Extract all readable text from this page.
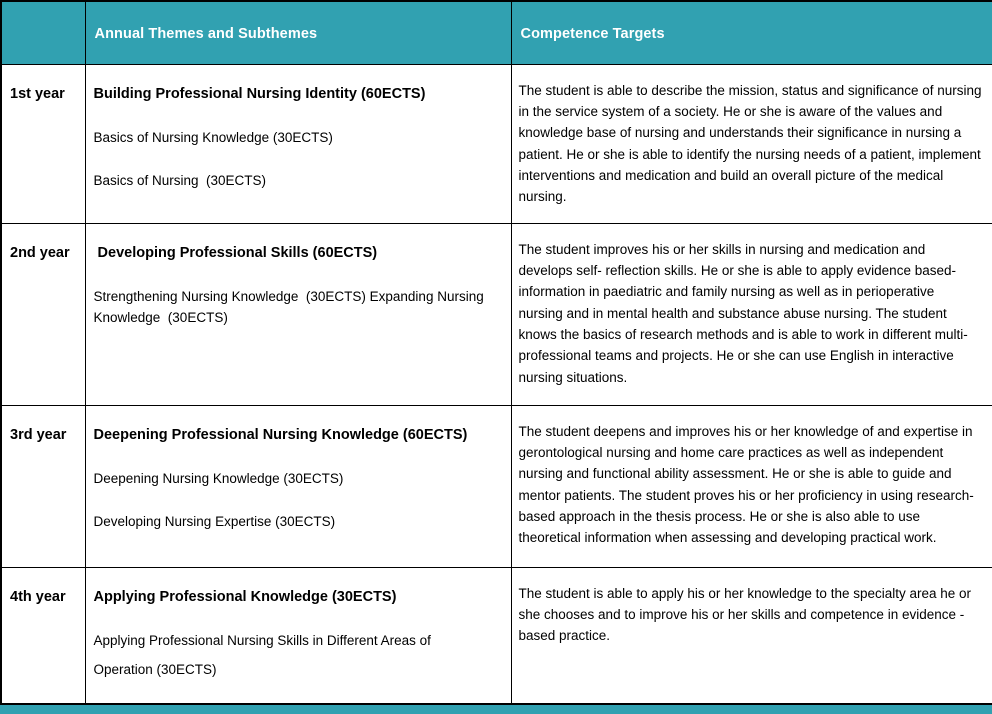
	Annual Themes and Subthemes	Competence Targets
1st year	Building Professional Nursing Identity (60ECTS)

Basics of Nursing Knowledge (30ECTS)

Basics of Nursing  (30ECTS)

	The student is able to describe the mission, status and significance of nursing in the service system of a society. He or she is aware of the values and knowledge base of nursing and understands their significance in nursing a patient. He or she is able to identify the nursing needs of a patient, implement interventions and medication and build an overall picture of the medical nursing.
2nd year	Developing Professional Skills (60ECTS)

Strengthening Nursing Knowledge  (30ECTS) Expanding Nursing Knowledge  (30ECTS)	The student improves his or her skills in nursing and medication and develops self- reflection skills. He or she is able to apply evidence based-information in paediatric and family nursing as well as in perioperative nursing and in mental health and substance abuse nursing. The student knows the basics of research methods and is able to work in different multi-professional teams and projects. He or she can use English in interactive nursing situations.
3rd year	Deepening Professional Nursing Knowledge (60ECTS)

Deepening Nursing Knowledge (30ECTS)

Developing Nursing Expertise (30ECTS)

	The student deepens and improves his or her knowledge of and expertise in gerontological nursing and home care practices as well as independent nursing and functional ability assessment. He or she is able to guide and mentor patients. The student proves his or her proficiency in using research-based approach in the thesis process. He or she is also able to use theoretical information when assessing and developing practical work.
4th year	Applying Professional Knowledge (30ECTS)

Applying Professional Nursing Skills in Different Areas of

Operation (30ECTS)	The student is able to apply his or her knowledge to the specialty area he or she chooses and to improve his or her skills and competence in evidence -based practice.
